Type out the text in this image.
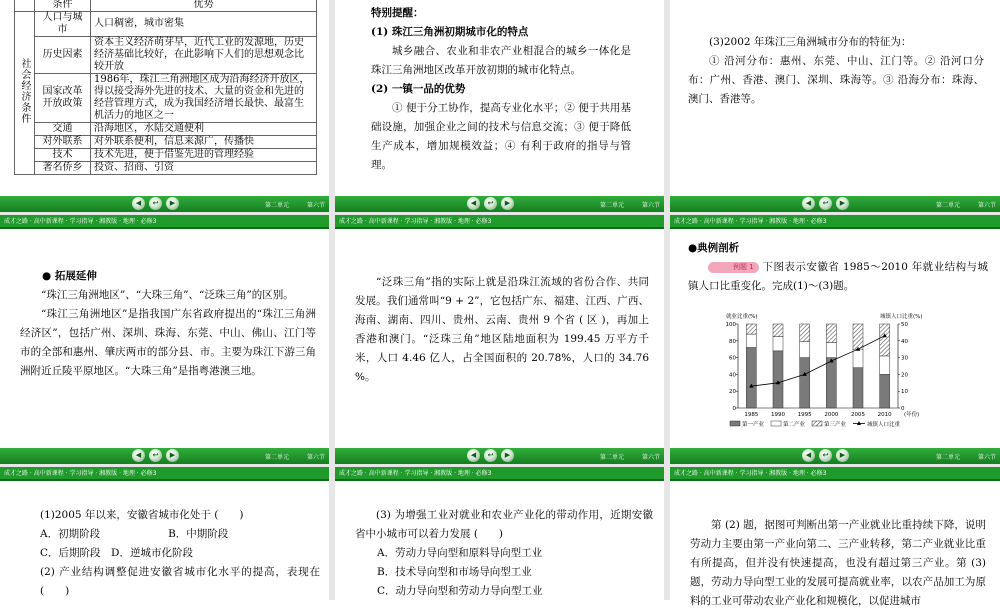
	条件	优势
社会经济条件	人口与城市	人口稠密，城市密集
	历史因素	资本主义经济萌芽早，近代工业的发源地，历史经济基础比较好，在此影响下人们的思想观念比较开放
	国家改革开放政策	1986年，珠江三角洲地区成为沿海经济开放区，得以接受海外先进的技术、大量的资金和先进的经营管理方式，成为我国经济增长最快、最富生机活力的地区之一
	交通	沿海地区，水陆交通便利
	对外联系	对外联系便利，信息来源广，传播快
	技术	技术先进，便于借鉴先进的管理经验
	著名侨乡	投资、招商、引资
◀	↩	▶	第二单元	第六节

特别提醒：

(1) 珠江三角洲初期城市化的特点

城乡融合、农业和非农产业相混合的城乡一体化是珠江三角洲地区改革开放初期的城市化特点。

(2) 一镇一品的优势

① 便于分工协作，提高专业化水平；② 便于共用基础设施，加强企业之间的技术与信息交流；③ 便于降低生产成本，增加规模效益；④ 有利于政府的指导与管理。

◀	↩	▶	第二单元	第六节

(3)2002 年珠江三角洲城市分布的特征为：

① 沿河分布：惠州、东莞、中山、江门等。② 沿河口分布：广州、香港、澳门、深圳、珠海等。③ 沿海分布：珠海、澳门、香港等。

◀	↩	▶	第二单元	第六节
成才之路 · 高中新课程 · 学习指导 · 湘教版 · 地理 · 必修3

● 拓展延伸

“珠江三角洲地区”、“大珠三角”、“泛珠三角”的区别。

“珠江三角洲地区”是指我国广东省政府提出的“珠江三角洲经济区”，包括广州、深圳、珠海、东莞、中山、佛山、江门等市的全部和惠州、肇庆两市的部分县、市。主要为珠江下游三角洲附近丘陵平原地区。“大珠三角”是指粤港澳三地。

◀	↩	▶	第二单元	第六节
成才之路 · 高中新课程 · 学习指导 · 湘教版 · 地理 · 必修3

“泛珠三角”指的实际上就是沿珠江流域的省份合作、共同发展。我们通常叫“9 + 2”，它包括广东、福建、江西、广西、海南、湖南、四川、贵州、云南、贵州 9 个省 ( 区 )，再加上香港和澳门。“泛珠三角”地区陆地面积为 199.45 万平方千米，人口 4.46 亿人，占全国面积的 20.78%，人口的 34.76 %。

◀	↩	▶	第二单元	第六节
成才之路 · 高中新课程 · 学习指导 · 湘教版 · 地理 · 必修3

●典例剖析

例题 1 下图表示安徽省 1985～2010 年就业结构与城镇人口比重变化。完成(1)～(3)题。

就业比重(%)	城镇人口比重(%)
0
20
40
60
80
100
0
10
20
30
40
50
1985 1990 1995 2000 2005 2010 (年份)
第一产业	第二产业	第三产业	城镇人口比重
◀	↩	▶	第二单元	第六节
成才之路 · 高中新课程 · 学习指导 · 湘教版 · 地理 · 必修3

(1)2005 年以来，安徽省城市化处于 (　　)

A．初期阶段	B．中期阶段

C．后期阶段　D．逆城市化阶段

(2) 产业结构调整促进安徽省城市化水平的提高，表现在 (　　)

成才之路 · 高中新课程 · 学习指导 · 湘教版 · 地理 · 必修3

(3) 为增强工业对就业和农业产业化的带动作用，近期安徽省中小城市可以着力发展 (　　)

A．劳动力导向型和原料导向型工业

B．技术导向型和市场导向型工业

C．动力导向型和劳动力导向型工业

成才之路 · 高中新课程 · 学习指导 · 湘教版 · 地理 · 必修3

第 (2) 题，据图可判断出第一产业就业比重持续下降，说明劳动力主要由第一产业向第二、三产业转移，第二产业就业比重有所提高，但并没有快速提高，也没有超过第三产业。第 (3) 题，劳动力导向型工业的发展可提高就业率，以农产品加工为原料的工业可带动农业产业化和规模化，以促进城市
